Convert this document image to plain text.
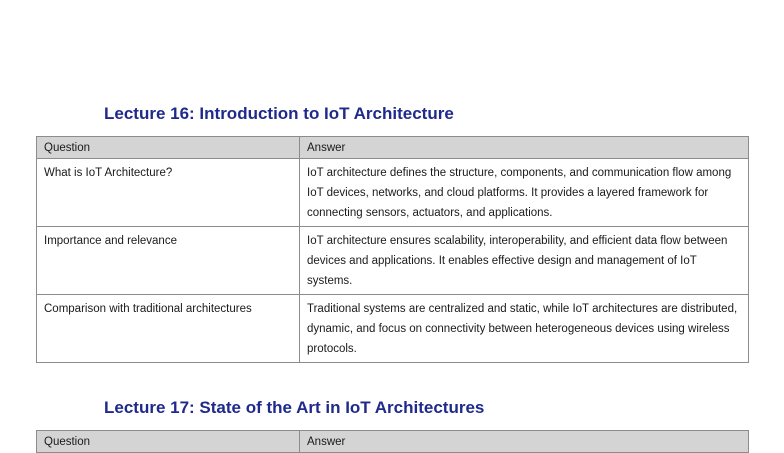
Lecture 16: Introduction to IoT Architecture
Question	Answer
What is IoT Architecture?	IoT architecture defines the structure, components, and communication flow among IoT devices, networks, and cloud platforms. It provides a layered framework for connecting sensors, actuators, and applications.
Importance and relevance	IoT architecture ensures scalability, interoperability, and efficient data flow between devices and applications. It enables effective design and management of IoT systems.
Comparison with traditional architectures	Traditional systems are centralized and static, while IoT architectures are distributed, dynamic, and focus on connectivity between heterogeneous devices using wireless protocols.
Lecture 17: State of the Art in IoT Architectures
Question	Answer
